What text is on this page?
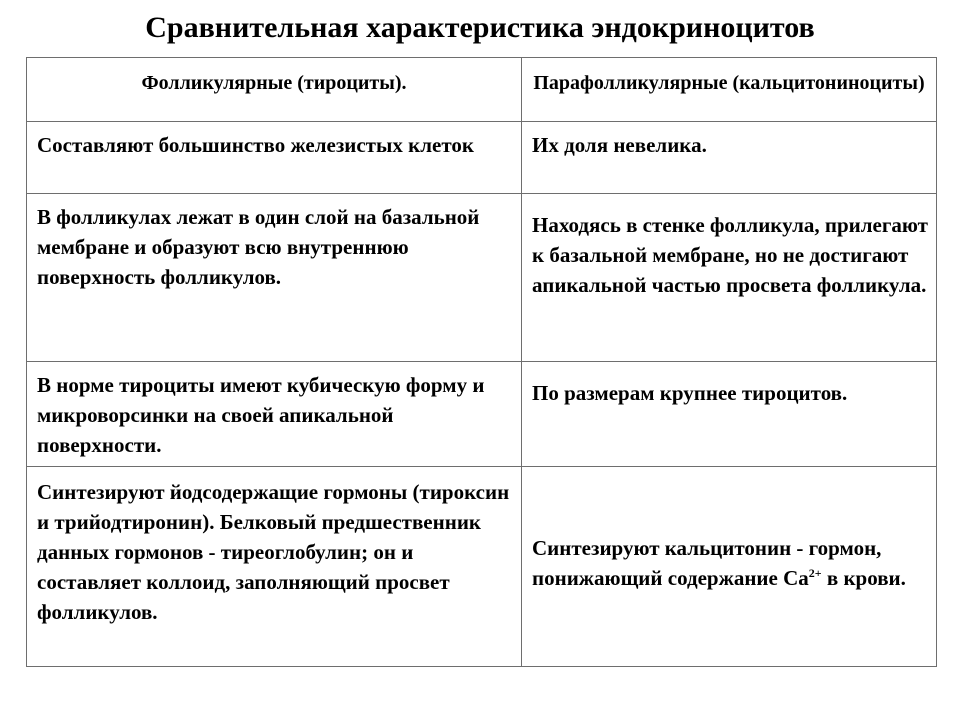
Сравнительная характеристика эндокриноцитов
Фолликулярные (тироциты).	Парафолликулярные (кальцитониноциты)
Составляют большинство железистых клеток	Их доля невелика.
В фолликулах лежат в один слой на базальной мембране и образуют всю внутреннюю поверхность фолликулов.	Находясь в стенке фолликула, прилегают к базальной мембране, но не достигают апикальной частью просвета фолликула.
В норме тироциты имеют кубическую форму и микроворсинки на своей апикальной поверхности.	По размерам крупнее тироцитов.
Синтезируют йодсодержащие гормоны (тироксин и трийодтиронин). Белковый предшественник данных гормонов - тиреоглобулин; он и составляет коллоид, заполняющий просвет фолликулов.	Синтезируют кальцитонин - гормон, понижающий содержание $Са^{2+}$ в крови.
